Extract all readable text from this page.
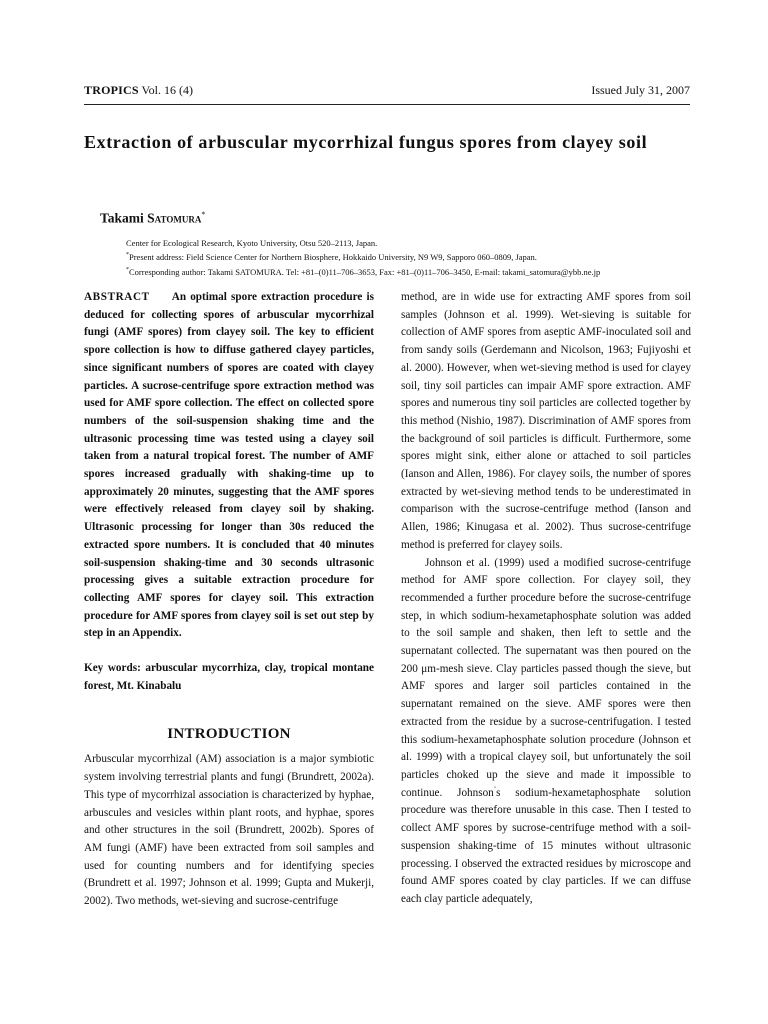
TROPICS Vol. 16 (4)	Issued July 31, 2007
Extraction of arbuscular mycorrhizal fungus spores from clayey soil
Takami Satomura*
Center for Ecological Research, Kyoto University, Otsu 520–2113, Japan.
*Present address: Field Science Center for Northern Biosphere, Hokkaido University, N9 W9, Sapporo 060–0809, Japan.
*Corresponding author: Takami SATOMURA. Tel: +81–(0)11–706–3653, Fax: +81–(0)11–706–3450, E-mail: takami_satomura@ybb.ne.jp

ABSTRACT An optimal spore extraction procedure is deduced for collecting spores of arbuscular mycorrhizal fungi (AMF spores) from clayey soil. The key to efficient spore collection is how to diffuse gathered clayey particles, since significant numbers of spores are coated with clayey particles. A sucrose-centrifuge spore extraction method was used for AMF spore collection. The effect on collected spore numbers of the soil-suspension shaking time and the ultrasonic processing time was tested using a clayey soil taken from a natural tropical forest. The number of AMF spores increased gradually with shaking-time up to approximately 20 minutes, suggesting that the AMF spores were effectively released from clayey soil by shaking. Ultrasonic processing for longer than 30s reduced the extracted spore numbers. It is concluded that 40 minutes soil-suspension shaking-time and 30 seconds ultrasonic processing gives a suitable extraction procedure for collecting AMF spores for clayey soil. This extraction procedure for AMF spores from clayey soil is set out step by step in an Appendix.

Key words: arbuscular mycorrhiza, clay, tropical montane forest, Mt. Kinabalu

INTRODUCTION

Arbuscular mycorrhizal (AM) association is a major symbiotic system involving terrestrial plants and fungi (Brundrett, 2002a). This type of mycorrhizal association is characterized by hyphae, arbuscules and vesicles within plant roots, and hyphae, spores and other structures in the soil (Brundrett, 2002b). Spores of AM fungi (AMF) have been extracted from soil samples and used for counting numbers and for identifying species (Brundrett et al. 1997; Johnson et al. 1999; Gupta and Mukerji, 2002). Two methods, wet-sieving and sucrose-centrifuge

method, are in wide use for extracting AMF spores from soil samples (Johnson et al. 1999). Wet-sieving is suitable for collection of AMF spores from aseptic AMF-inoculated soil and from sandy soils (Gerdemann and Nicolson, 1963; Fujiyoshi et al. 2000). However, when wet-sieving method is used for clayey soil, tiny soil particles can impair AMF spore extraction. AMF spores and numerous tiny soil particles are collected together by this method (Nishio, 1987). Discrimination of AMF spores from the background of soil particles is difficult. Furthermore, some spores might sink, either alone or attached to soil particles (Ianson and Allen, 1986). For clayey soils, the number of spores extracted by wet-sieving method tends to be underestimated in comparison with the sucrose-centrifuge method (Ianson and Allen, 1986; Kinugasa et al. 2002). Thus sucrose-centrifuge method is preferred for clayey soils.

Johnson et al. (1999) used a modified sucrose-centrifuge method for AMF spore collection. For clayey soil, they recommended a further procedure before the sucrose-centrifuge step, in which sodium-hexametaphosphate solution was added to the soil sample and shaken, then left to settle and the supernatant collected. The supernatant was then poured on the 200 μm-mesh sieve. Clay particles passed though the sieve, but AMF spores and larger soil particles contained in the supernatant remained on the sieve. AMF spores were then extracted from the residue by a sucrose-centrifugation. I tested this sodium-hexametaphosphate solution procedure (Johnson et al. 1999) with a tropical clayey soil, but unfortunately the soil particles choked up the sieve and made it impossible to continue. Johnson’s sodium-hexametaphosphate solution procedure was therefore unusable in this case. Then I tested to collect AMF spores by sucrose-centrifuge method with a soil-suspension shaking-time of 15 minutes without ultrasonic processing. I observed the extracted residues by microscope and found AMF spores coated by clay particles. If we can diffuse each clay particle adequately,
